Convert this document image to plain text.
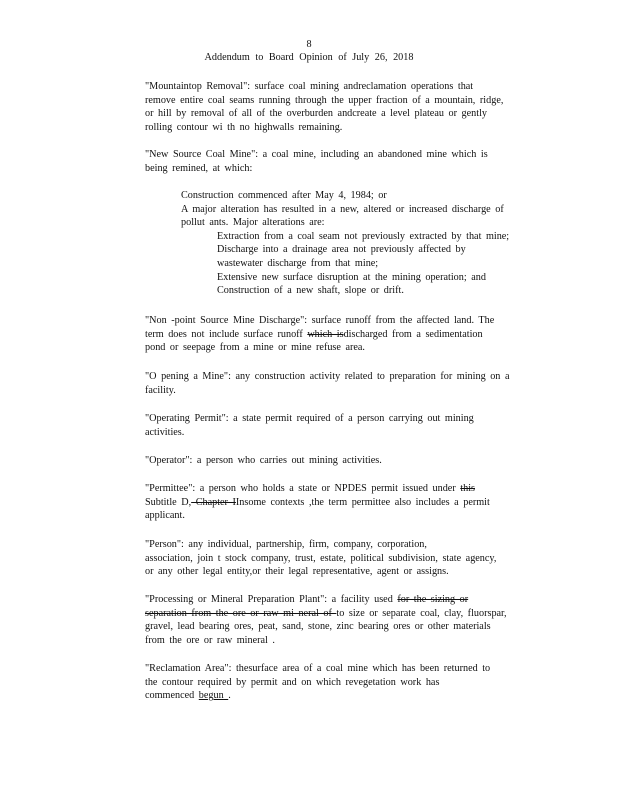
8
Addendum to Board Opinion of July 26, 2018
"Mountaintop Removal": surface coal mining andreclamation operations that
remove entire coal seams running through the upper fraction of a mountain, ridge,
or hill by removal of all of the overburden andcreate a level plateau or gently
rolling contour wi th no highwalls remaining.
"New Source Coal Mine": a coal mine, including an abandoned mine which is
being remined, at which:
Construction commenced after May 4, 1984; or
A major alteration has resulted in a new, altered or increased discharge of
pollut ants. Major alterations are:
Extraction from a coal seam not previously extracted by that mine;
Discharge into a drainage area not previously affected by
wastewater discharge from that mine;
Extensive new surface disruption at the mining operation; and
Construction of a new shaft, slope or drift.
"Non -point Source Mine Discharge": surface runoff from the affected land. The
term does not include surface runoff which isdischarged from a sedimentation
pond or seepage from a mine or mine refuse area.
"O pening a Mine": any construction activity related to preparation for mining on a
facility.
"Operating Permit": a state permit required of a person carrying out mining
activities.
"Operator": a person who carries out mining activities.
"Permittee": a person who holds a state or NPDES permit issued under this
Subtitle D, Chapter IInsome contexts ,the term permittee also includes a permit
applicant.
"Person": any individual, partnership, firm, company, corporation,
association, join t stock company, trust, estate, political subdivision, state agency,
or any other legal entity,or their legal representative, agent or assigns.
"Processing or Mineral Preparation Plant": a facility used for the sizing or
separation from the ore or raw mi neral of to size or separate coal, clay, fluorspar,
gravel, lead bearing ores, peat, sand, stone, zinc bearing ores or other materials
from the ore or raw mineral .
"Reclamation Area": thesurface area of a coal mine which has been returned to
the contour required by permit and on which revegetation work has
commenced begun .
